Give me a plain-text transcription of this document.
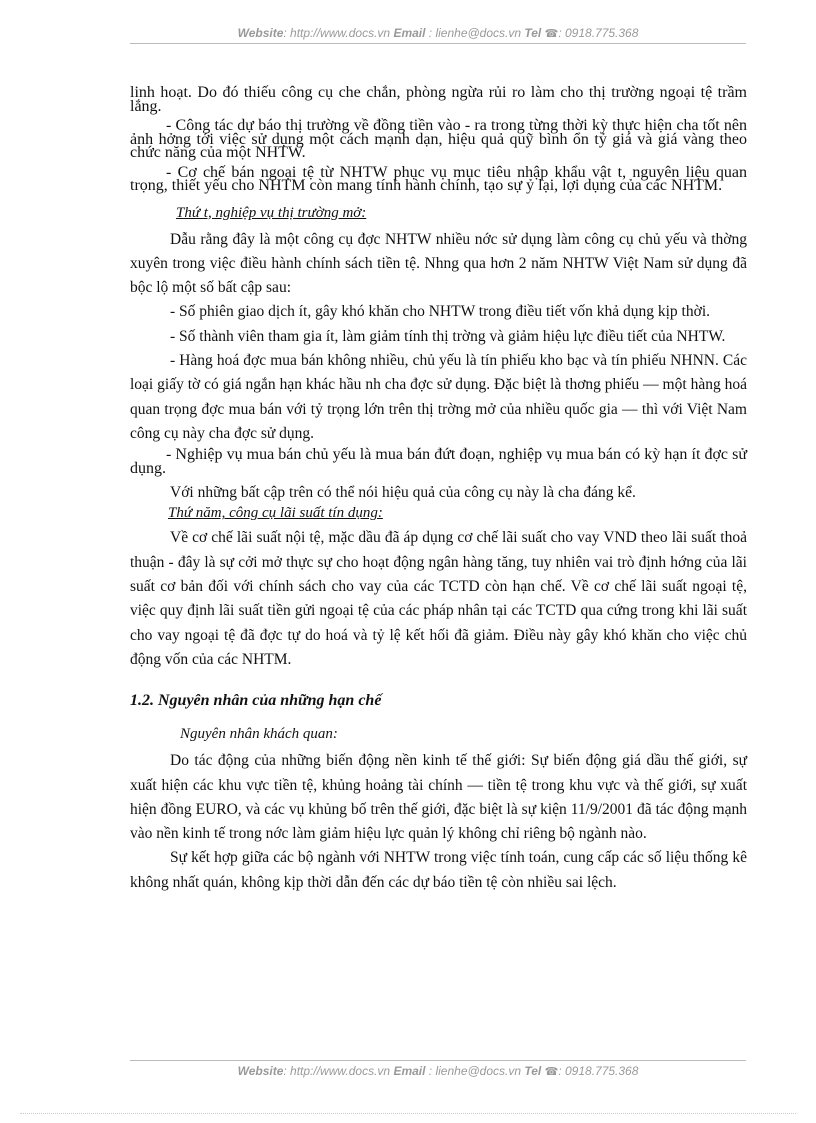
Website: http://www.docs.vn Email : lienhe@docs.vn Tel ☎: 0918.775.368

linh hoạt. Do đó thiếu công cụ che chắn, phòng ngừa rủi ro làm cho thị trường ngoại tệ trầm lắng.

- Công tác dự báo thị trường về đồng tiền vào - ra trong từng thời kỳ thực hiện cha tốt nên ảnh hởng tới việc sử dụng một cách mạnh dạn, hiệu quả quỹ bình ổn tỷ giá và giá vàng theo chức năng của một NHTW.

- Cơ chế bán ngoại tệ từ NHTW phục vụ mục tiêu nhập khẩu vật t, nguyên liệu quan trọng, thiết yếu cho NHTM còn mang tính hành chính, tạo sự ỷ lại, lợi dụng của các NHTM.

Thứ t, nghiệp vụ thị trường mở:

Dẫu rằng đây là một công cụ đợc NHTW nhiều nớc sử dụng làm công cụ chủ yếu và thờng xuyên trong việc điều hành chính sách tiền tệ. Nhng qua hơn 2 năm NHTW Việt Nam sử dụng đã bộc lộ một số bất cập sau:

- Số phiên giao dịch ít, gây khó khăn cho NHTW trong điều tiết vốn khả dụng kịp thời.

- Số thành viên tham gia ít, làm giảm tính thị trờng và giảm hiệu lực điều tiết của NHTW.

- Hàng hoá đợc mua bán không nhiều, chủ yếu là tín phiếu kho bạc và tín phiếu NHNN. Các loại giấy tờ có giá ngắn hạn khác hầu nh cha đợc sử dụng. Đặc biệt là thơng phiếu — một hàng hoá quan trọng đợc mua bán với tỷ trọng lớn trên thị trờng mở của nhiều quốc gia — thì với Việt Nam công cụ này cha đợc sử dụng.

- Nghiệp vụ mua bán chủ yếu là mua bán đứt đoạn, nghiệp vụ mua bán có kỳ hạn ít đợc sử dụng.

Với những bất cập trên có thể nói hiệu quả của công cụ này là cha đáng kể.

Thứ năm, công cụ lãi suất tín dụng:

Về cơ chế lãi suất nội tệ, mặc dầu đã áp dụng cơ chế lãi suất cho vay VND theo lãi suất thoả thuận - đây là sự cởi mở thực sự cho hoạt động ngân hàng tăng, tuy nhiên vai trò định hớng của lãi suất cơ bản đối với chính sách cho vay của các TCTD còn hạn chế. Về cơ chế lãi suất ngoại tệ, việc quy định lãi suất tiền gửi ngoại tệ của các pháp nhân tại các TCTD qua cứng trong khi lãi suất cho vay ngoại tệ đã đợc tự do hoá và tỷ lệ kết hối đã giảm. Điều này gây khó khăn cho việc chủ động vốn của các NHTM.

1.2. Nguyên nhân của những hạn chế

Nguyên nhân khách quan:

Do tác động của những biến động nền kinh tế thế giới: Sự biến động giá dầu thế giới, sự xuất hiện các khu vực tiền tệ, khủng hoảng tài chính — tiền tệ trong khu vực và thế giới, sự xuất hiện đồng EURO, và các vụ khủng bố trên thế giới, đặc biệt là sự kiện 11/9/2001 đã tác động mạnh vào nền kinh tế trong nớc làm giảm hiệu lực quản lý không chỉ riêng bộ ngành nào.

Sự kết hợp giữa các bộ ngành với NHTW trong việc tính toán, cung cấp các số liệu thống kê không nhất quán, không kịp thời dẫn đến các dự báo tiền tệ còn nhiều sai lệch.

Website: http://www.docs.vn Email : lienhe@docs.vn Tel ☎: 0918.775.368
